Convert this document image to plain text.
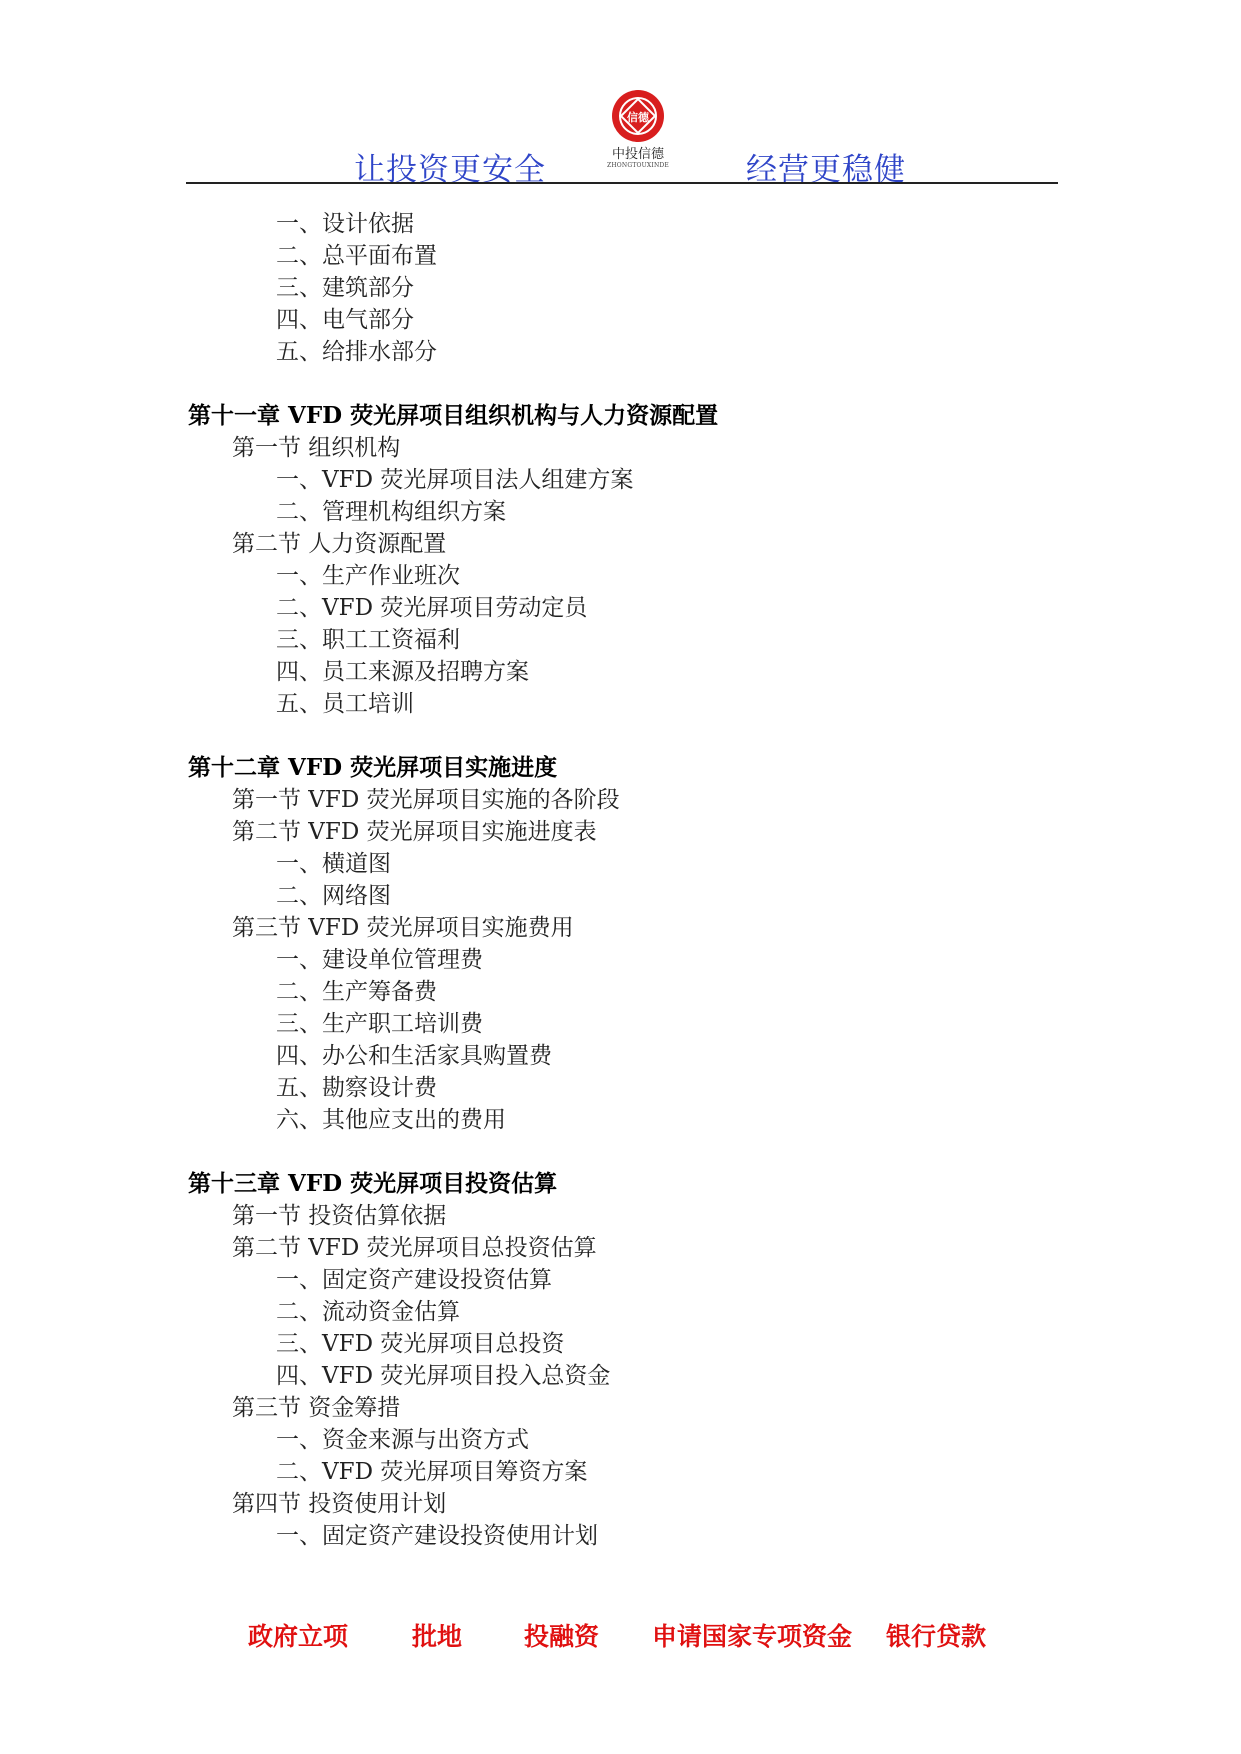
让投资更安全
信德
中投信德
ZHONGTOUXINDE 经营更稳健
一、设计依据
二、总平面布置
三、建筑部分
四、电气部分
五、给排水部分
第十一章 VFD 荧光屏项目组织机构与人力资源配置
第一节 组织机构
一、VFD 荧光屏项目法人组建方案
二、管理机构组织方案
第二节 人力资源配置
一、生产作业班次
二、VFD 荧光屏项目劳动定员
三、职工工资福利
四、员工来源及招聘方案
五、员工培训
第十二章 VFD 荧光屏项目实施进度
第一节 VFD 荧光屏项目实施的各阶段
第二节 VFD 荧光屏项目实施进度表
一、横道图
二、网络图
第三节 VFD 荧光屏项目实施费用
一、建设单位管理费
二、生产筹备费
三、生产职工培训费
四、办公和生活家具购置费
五、勘察设计费
六、其他应支出的费用
第十三章 VFD 荧光屏项目投资估算
第一节 投资估算依据
第二节 VFD 荧光屏项目总投资估算
一、固定资产建设投资估算
二、流动资金估算
三、VFD 荧光屏项目总投资
四、VFD 荧光屏项目投入总资金
第三节 资金筹措
一、资金来源与出资方式
二、VFD 荧光屏项目筹资方案
第四节 投资使用计划
一、固定资产建设投资使用计划
政府立项	批地 投融资 申请国家专项资金 银行贷款
